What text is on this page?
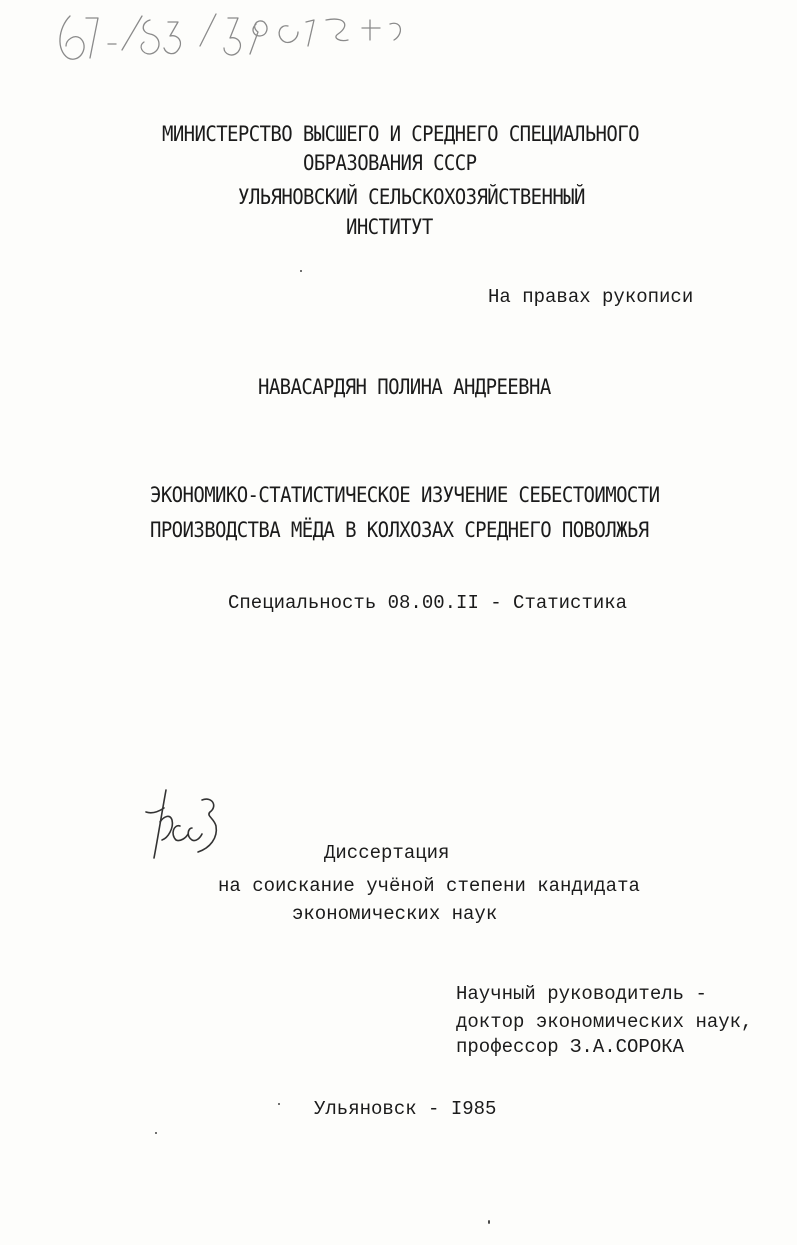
МИНИСТЕРСТВО ВЫСШЕГО И СРЕДНЕГО СПЕЦИАЛЬНОГО
ОБРАЗОВАНИЯ СССР
УЛЬЯНОВСКИЙ СЕЛЬСКОХОЗЯЙСТВЕННЫЙ
ИНСТИТУТ
На правах рукописи
НАВАСАРДЯН ПОЛИНА АНДРЕЕВНА
ЭКОНОМИКО-СТАТИСТИЧЕСКОЕ ИЗУЧЕНИЕ СЕБЕСТОИМОСТИ
ПРОИЗВОДСТВА МЁДА В КОЛХОЗАХ СРЕДНЕГО ПОВОЛЖЬЯ
Специальность 08.00.II - Статистика
Диссертация
на соискание учёной степени кандидата
экономических наук
Научный руководитель -
доктор экономических наук,
профессор З.А.СОРОКА
Ульяновск - I985
